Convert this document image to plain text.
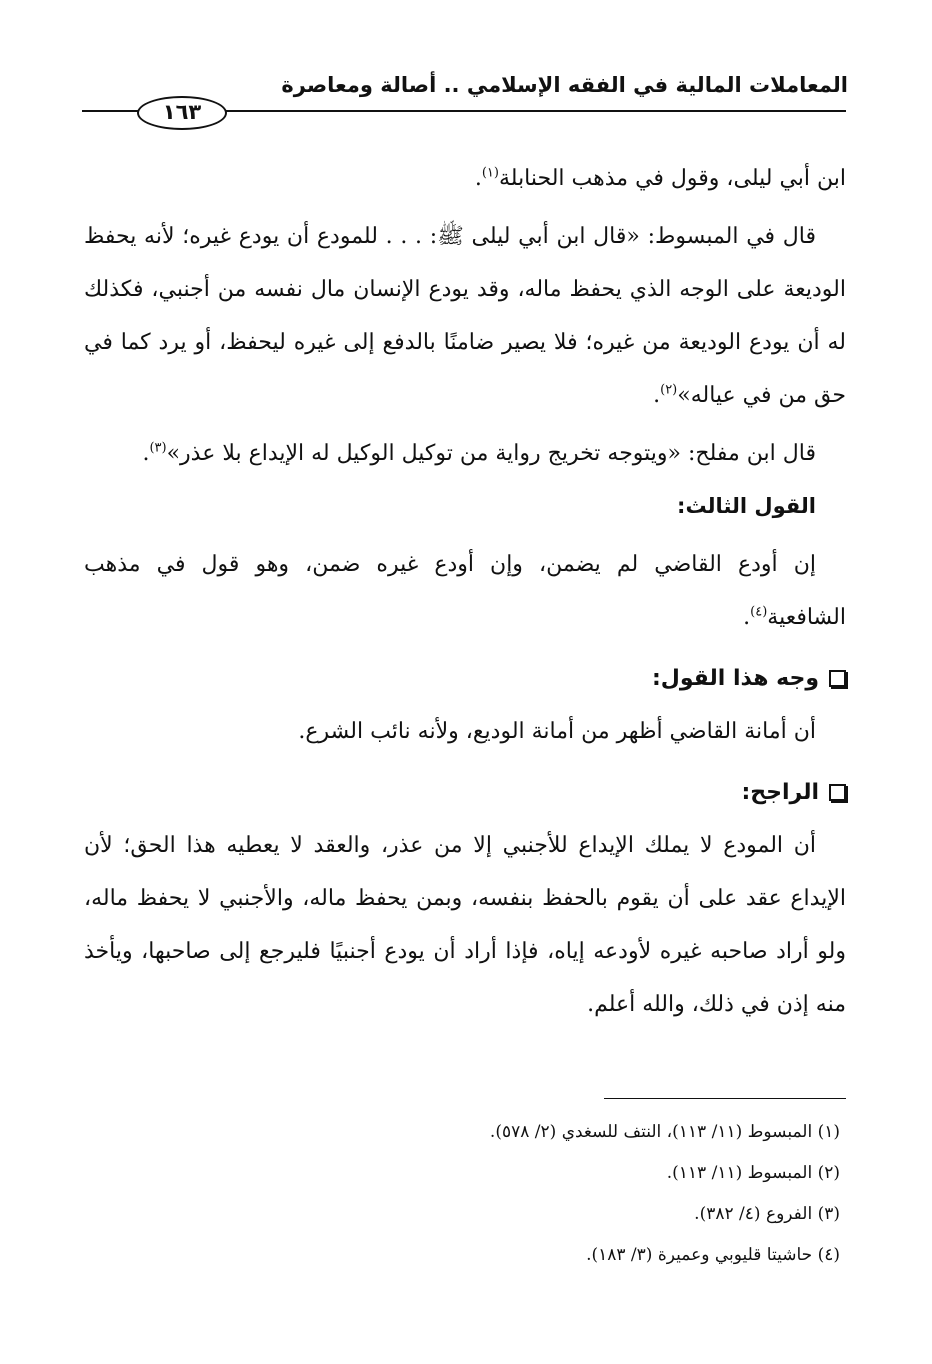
المعاملات المالية في الفقه الإسلامي .. أصالة ومعاصرة
١٦٣

ابن أبي ليلى، وقول في مذهب الحنابلة$^{(١)}$.

قال في المبسوط: «قال ابن أبي ليلى ﷺ: . . . للمودع أن يودع غيره؛ لأنه يحفظ الوديعة على الوجه الذي يحفظ ماله، وقد يودع الإنسان مال نفسه من أجنبي، فكذلك له أن يودع الوديعة من غيره؛ فلا يصير ضامنًا بالدفع إلى غيره ليحفظ، أو يرد كما في حق من في عياله»$^{(٢)}$.

قال ابن مفلح: «ويتوجه تخريج رواية من توكيل الوكيل له الإيداع بلا عذر»$^{(٣)}$.

القول الثالث:

إن أودع القاضي لم يضمن، وإن أودع غيره ضمن، وهو قول في مذهب الشافعية$^{(٤)}$.

وجه هذا القول:

أن أمانة القاضي أظهر من أمانة الوديع، ولأنه نائب الشرع.

الراجح:

أن المودع لا يملك الإيداع للأجنبي إلا من عذر، والعقد لا يعطيه هذا الحق؛ لأن الإيداع عقد على أن يقوم بالحفظ بنفسه، وبمن يحفظ ماله، والأجنبي لا يحفظ ماله، ولو أراد صاحبه غيره لأودعه إياه، فإذا أراد أن يودع أجنبيًا فليرجع إلى صاحبها، ويأخذ منه إذن في ذلك، والله أعلم.

(١) المبسوط (١١/ ١١٣)، النتف للسغدي (٢/ ٥٧٨).

(٢) المبسوط (١١/ ١١٣).

(٣) الفروع (٤/ ٣٨٢).

(٤) حاشيتا قليوبي وعميرة (٣/ ١٨٣).
